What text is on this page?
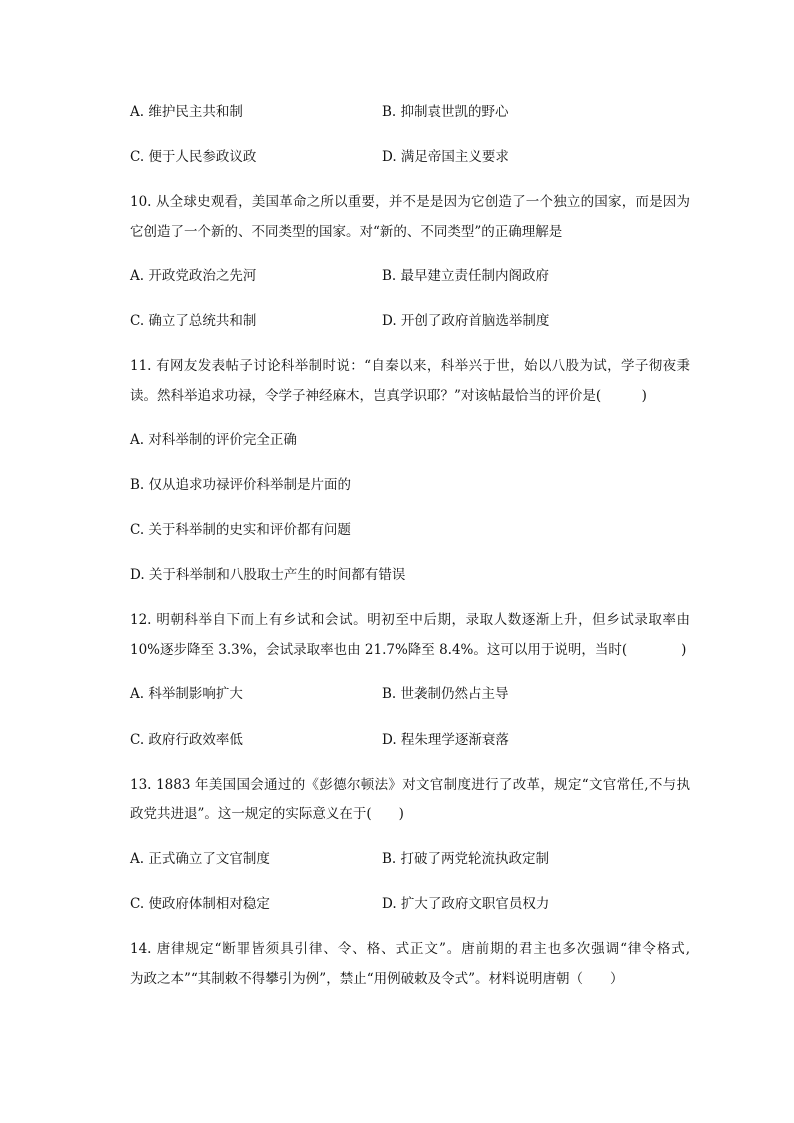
A. 维护民主共和制	B. 抑制袁世凯的野心
C. 便于人民参政议政	D. 满足帝国主义要求
10. 从全球史观看，美国革命之所以重要，并不是是因为它创造了一个独立的国家，而是因为
它创造了一个新的、不同类型的国家。对“新的、不同类型”的正确理解是
A. 开政党政治之先河	B. 最早建立责任制内阁政府
C. 确立了总统共和制	D. 开创了政府首脑选举制度
11. 有网友发表帖子讨论科举制时说：“自秦以来，科举兴于世，始以八股为试，学子彻夜秉
读。然科举追求功禄，令学子神经麻木，岂真学识耶？”对该帖最恰当的评价是(　　　)
A. 对科举制的评价完全正确
B. 仅从追求功禄评价科举制是片面的
C. 关于科举制的史实和评价都有问题
D. 关于科举制和八股取士产生的时间都有错误
12. 明朝科举自下而上有乡试和会试。明初至中后期，录取人数逐渐上升，但乡试录取率由
10%逐步降至 3.3%，会试录取率也由 21.7%降至 8.4%。这可以用于说明，当时(　　　　)
A. 科举制影响扩大	B. 世袭制仍然占主导
C. 政府行政效率低	D. 程朱理学逐渐衰落
13. 1883 年美国国会通过的《彭德尔顿法》对文官制度进行了改革，规定“文官常任,不与执
政党共进退”。这一规定的实际意义在于(　　)
A. 正式确立了文官制度	B. 打破了两党轮流执政定制
C. 使政府体制相对稳定	D. 扩大了政府文职官员权力
14. 唐律规定“断罪皆须具引律、令、格、式正文”。唐前期的君主也多次强调“律令格式,
为政之本”“其制敕不得攀引为例”，禁止“用例破敕及令式”。材料说明唐朝（　　）
